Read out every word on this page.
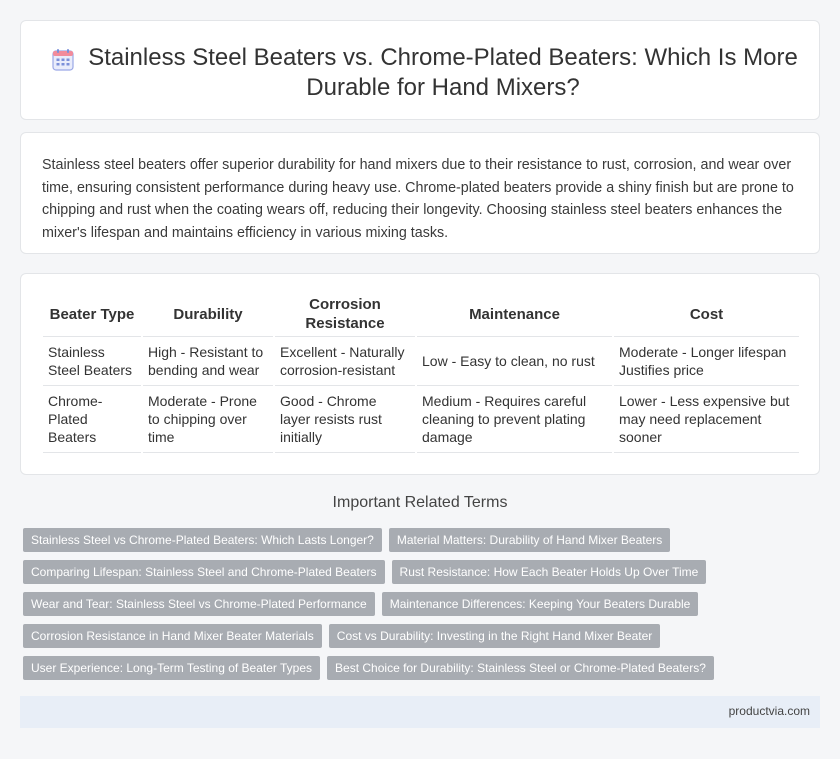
Stainless Steel Beaters vs. Chrome-Plated Beaters: Which Is More Durable for Hand Mixers?

Stainless steel beaters offer superior durability for hand mixers due to their resistance to rust, corrosion, and wear over time, ensuring consistent performance during heavy use. Chrome-plated beaters provide a shiny finish but are prone to chipping and rust when the coating wears off, reducing their longevity. Choosing stainless steel beaters enhances the mixer's lifespan and maintains efficiency in various mixing tasks.

Beater Type	Durability	Corrosion Resistance	Maintenance	Cost
Stainless Steel Beaters	High - Resistant to bending and wear	Excellent - Naturally corrosion-resistant	Low - Easy to clean, no rust	Moderate - Longer lifespan Justifies price
Chrome-Plated Beaters	Moderate - Prone to chipping over time	Good - Chrome layer resists rust initially	Medium - Requires careful cleaning to prevent plating damage	Lower - Less expensive but may need replacement sooner
Important Related Terms
Stainless Steel vs Chrome-Plated Beaters: Which Lasts Longer?	Material Matters: Durability of Hand Mixer Beaters
Comparing Lifespan: Stainless Steel and Chrome-Plated Beaters	Rust Resistance: How Each Beater Holds Up Over Time
Wear and Tear: Stainless Steel vs Chrome-Plated Performance	Maintenance Differences: Keeping Your Beaters Durable
Corrosion Resistance in Hand Mixer Beater Materials	Cost vs Durability: Investing in the Right Hand Mixer Beater
User Experience: Long-Term Testing of Beater Types	Best Choice for Durability: Stainless Steel or Chrome-Plated Beaters?
productvia.com
